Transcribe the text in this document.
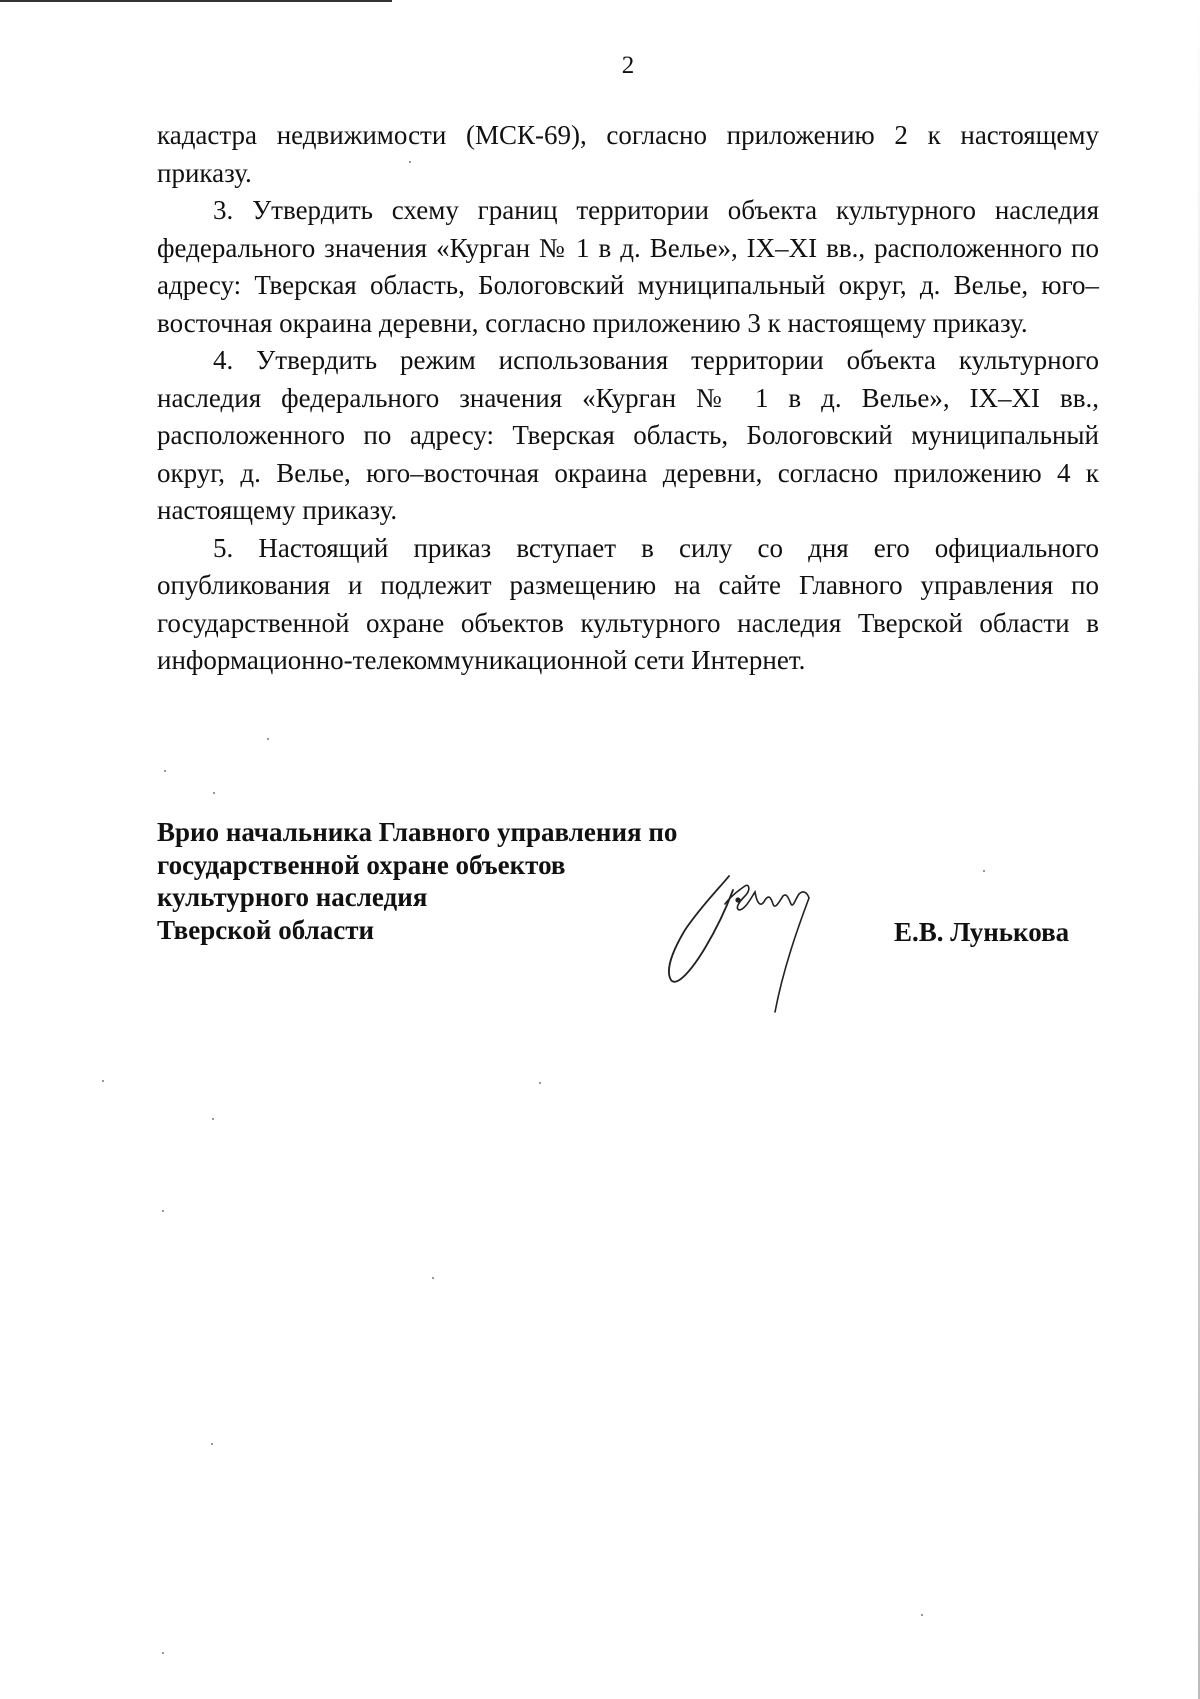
2

кадастра недвижимости (МСК-69), согласно приложению 2 к настоящему приказу.

3. Утвердить схему границ территории объекта культурного наследия федерального значения «Курган № 1 в д. Велье», IX–XI вв., расположенного по адресу: Тверская область, Бологовский муниципальный округ, д. Велье, юго–восточная окраина деревни, согласно приложению 3 к настоящему приказу.

4. Утвердить режим использования территории объекта культурного наследия федерального значения «Курган № 1 в д. Велье», IX–XI вв., расположенного по адресу: Тверская область, Бологовский муниципальный округ, д. Велье, юго–восточная окраина деревни, согласно приложению 4 к настоящему приказу.

5. Настоящий приказ вступает в силу со дня его официального опубликования и подлежит размещению на сайте Главного управления по государственной охране объектов культурного наследия Тверской области в информационно-телекоммуникационной сети Интернет.

Врио начальника Главного управления по
государственной охране объектов
культурного наследия
Тверской области	Е.В. Лунькова
